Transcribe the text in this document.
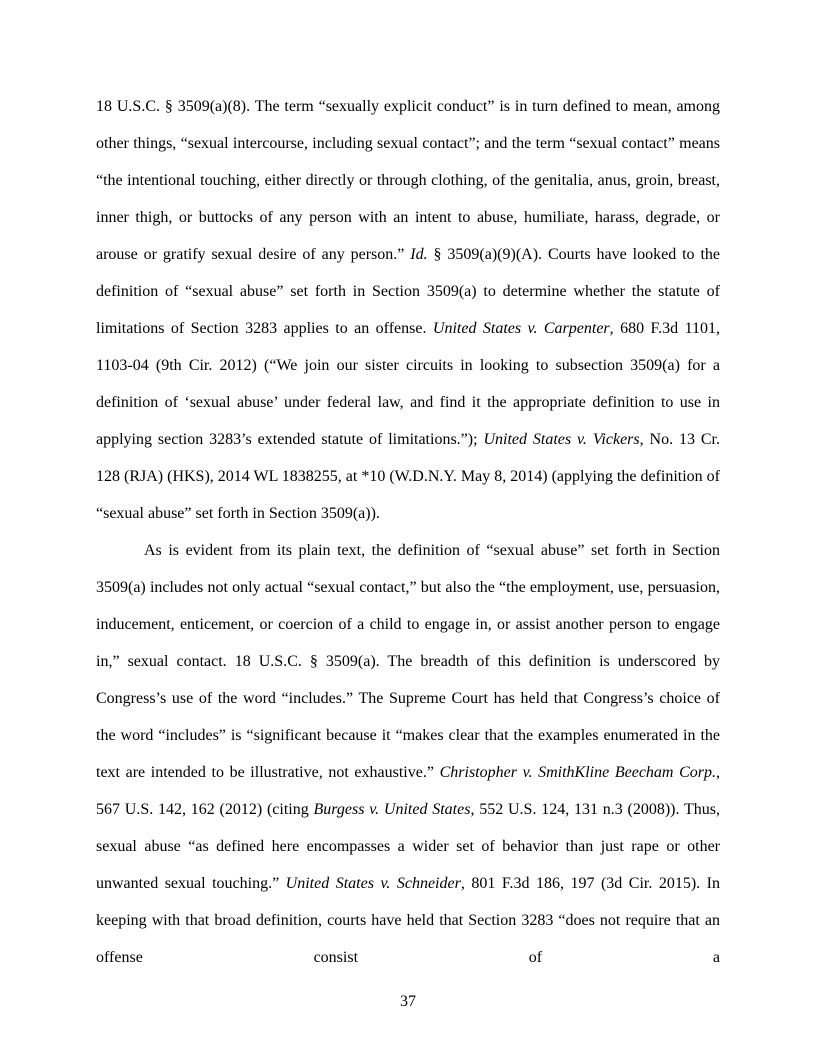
18 U.S.C. § 3509(a)(8). The term “sexually explicit conduct” is in turn defined to mean, among other things, “sexual intercourse, including sexual contact”; and the term “sexual contact” means “the intentional touching, either directly or through clothing, of the genitalia, anus, groin, breast, inner thigh, or buttocks of any person with an intent to abuse, humiliate, harass, degrade, or arouse or gratify sexual desire of any person.” Id. § 3509(a)(9)(A). Courts have looked to the definition of “sexual abuse” set forth in Section 3509(a) to determine whether the statute of limitations of Section 3283 applies to an offense. United States v. Carpenter, 680 F.3d 1101, 1103-04 (9th Cir. 2012) (“We join our sister circuits in looking to subsection 3509(a) for a definition of ‘sexual abuse’ under federal law, and find it the appropriate definition to use in applying section 3283’s extended statute of limitations.”); United States v. Vickers, No. 13 Cr. 128 (RJA) (HKS), 2014 WL 1838255, at *10 (W.D.N.Y. May 8, 2014) (applying the definition of “sexual abuse” set forth in Section 3509(a)).

As is evident from its plain text, the definition of “sexual abuse” set forth in Section 3509(a) includes not only actual “sexual contact,” but also the “the employment, use, persuasion, inducement, enticement, or coercion of a child to engage in, or assist another person to engage in,” sexual contact. 18 U.S.C. § 3509(a). The breadth of this definition is underscored by Congress’s use of the word “includes.” The Supreme Court has held that Congress’s choice of the word “includes” is “significant because it “makes clear that the examples enumerated in the text are intended to be illustrative, not exhaustive.” Christopher v. SmithKline Beecham Corp., 567 U.S. 142, 162 (2012) (citing Burgess v. United States, 552 U.S. 124, 131 n.3 (2008)). Thus, sexual abuse “as defined here encompasses a wider set of behavior than just rape or other unwanted sexual touching.” United States v. Schneider, 801 F.3d 186, 197 (3d Cir. 2015). In keeping with that broad definition, courts have held that Section 3283 “does not require that an offense consist of a

37
